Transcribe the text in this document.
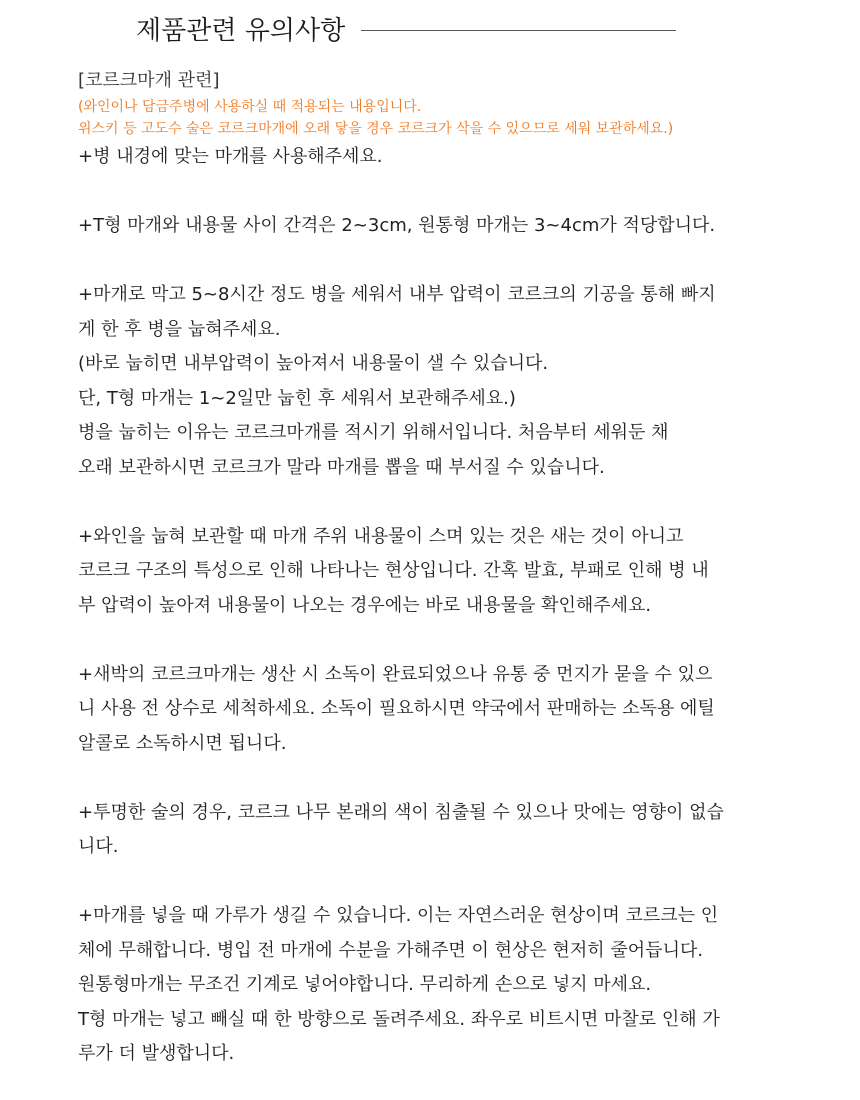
제품관련 유의사항
[코르크마개 관련]
(와인이나 담금주병에 사용하실 때 적용되는 내용입니다.
위스키 등 고도수 술은 코르크마개에 오래 닿을 경우 코르크가 삭을 수 있으므로 세워 보관하세요.)
+병 내경에 맞는 마개를 사용해주세요.
+T형 마개와 내용물 사이 간격은 2~3cm, 원통형 마개는 3~4cm가 적당합니다.
+마개로 막고 5~8시간 정도 병을 세워서 내부 압력이 코르크의 기공을 통해 빠지
게 한 후 병을 눕혀주세요.
(바로 눕히면 내부압력이 높아져서 내용물이 샐 수 있습니다.
단, T형 마개는 1~2일만 눕힌 후 세워서 보관해주세요.)
병을 눕히는 이유는 코르크마개를 적시기 위해서입니다. 처음부터 세워둔 채
오래 보관하시면 코르크가 말라 마개를 뽑을 때 부서질 수 있습니다.
+와인을 눕혀 보관할 때 마개 주위 내용물이 스며 있는 것은 새는 것이 아니고
코르크 구조의 특성으로 인해 나타나는 현상입니다. 간혹 발효, 부패로 인해 병 내
부 압력이 높아져 내용물이 나오는 경우에는 바로 내용물을 확인해주세요.
+새박의 코르크마개는 생산 시 소독이 완료되었으나 유통 중 먼지가 묻을 수 있으
니 사용 전 상수로 세척하세요. 소독이 필요하시면 약국에서 판매하는 소독용 에틸
알콜로 소독하시면 됩니다.
+투명한 술의 경우, 코르크 나무 본래의 색이 침출될 수 있으나 맛에는 영향이 없습
니다.
+마개를 넣을 때 가루가 생길 수 있습니다. 이는 자연스러운 현상이며 코르크는 인
체에 무해합니다. 병입 전 마개에 수분을 가해주면 이 현상은 현저히 줄어듭니다.
원통형마개는 무조건 기계로 넣어야합니다. 무리하게 손으로 넣지 마세요.
T형 마개는 넣고 빼실 때 한 방향으로 돌려주세요. 좌우로 비트시면 마찰로 인해 가
루가 더 발생합니다.
